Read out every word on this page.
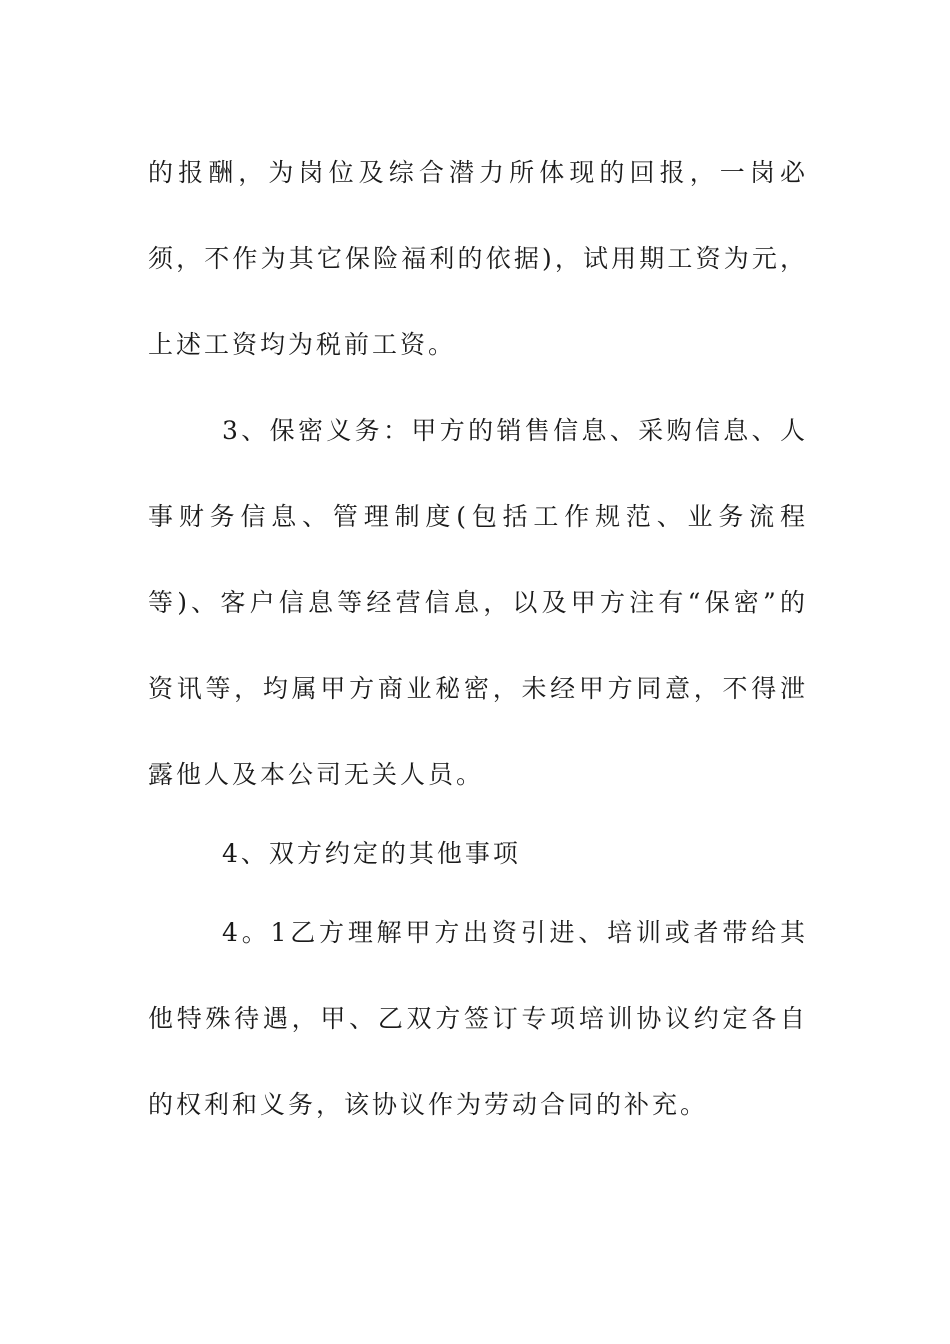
的报酬，为岗位及综合潜力所体现的回报，一岗必须，不作为其它保险福利的依据)，试用期工资为元，上述工资均为税前工资。

3、保密义务：甲方的销售信息、采购信息、人事财务信息、管理制度(包括工作规范、业务流程等)、客户信息等经营信息，以及甲方注有“保密”的资讯等，均属甲方商业秘密，未经甲方同意，不得泄露他人及本公司无关人员。

4、双方约定的其他事项

4。1乙方理解甲方出资引进、培训或者带给其他特殊待遇，甲、乙双方签订专项培训协议约定各自的权利和义务，该协议作为劳动合同的补充。
